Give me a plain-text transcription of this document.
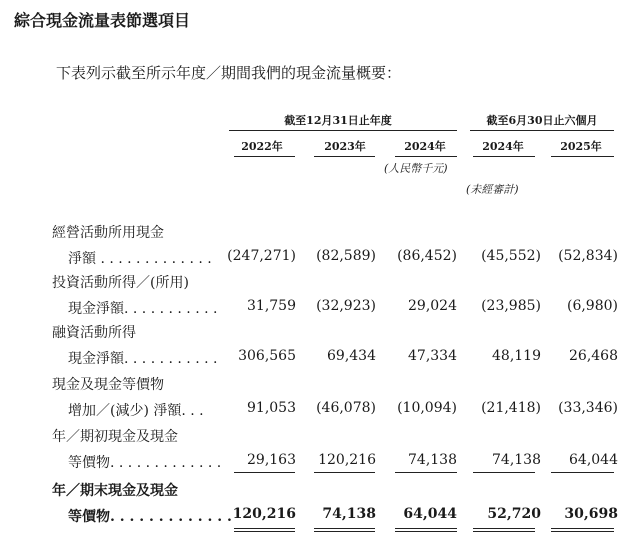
綜合現金流量表節選項目
下表列示截至所示年度／期間我們的現金流量概要：
截至12月31日止年度	截至6月30日止六個月
2022年	2023年	2024年	2024年	2025年
(人民幣千元)
(未經審計)
經營活動所用現金
淨額 . . . . . . . . . . . . .	(247,271)	(82,589)	(86,452)	(45,552)	(52,834)
投資活動所得／(所用)
現金淨額. . . . . . . . . . .	31,759	(32,923)	29,024	(23,985)	(6,980)
融資活動所得
現金淨額. . . . . . . . . . .	306,565	69,434	47,334	48,119	26,468
現金及現金等價物
增加／(減少) 淨額. . .	91,053	(46,078)	(10,094)	(21,418)	(33,346)
年／期初現金及現金
等價物. . . . . . . . . . . . .	29,163	120,216	74,138	74,138	64,044
年／期末現金及現金
等價物. . . . . . . . . . . . . 120,216	74,138	64,044	52,720	30,698
